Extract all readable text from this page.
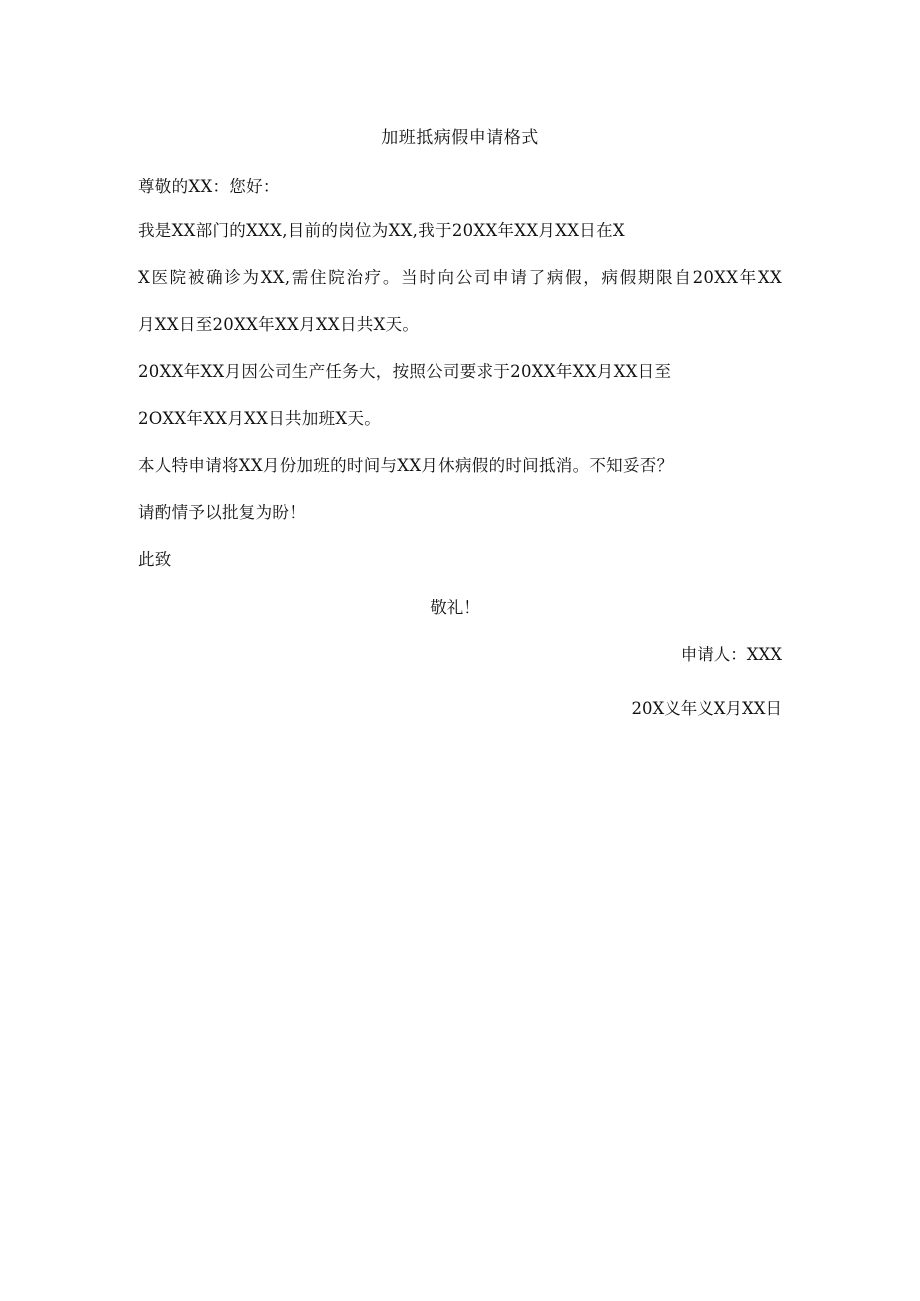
加班抵病假申请格式
尊敬的XX：您好：
我是XX部门的XXX,目前的岗位为XX,我于20XX年XX月XX日在X
X医院被确诊为XX,需住院治疗。当时向公司申请了病假，病假期限自20XX年XX
月XX日至20XX年XX月XX日共X天。
20XX年XX月因公司生产任务大，按照公司要求于20XX年XX月XX日至
2OXX年XX月XX日共加班X天。
本人特申请将XX月份加班的时间与XX月休病假的时间抵消。不知妥否？
请酌情予以批复为盼！
此致
敬礼！
申请人：XXX
20X义年义X月XX日
